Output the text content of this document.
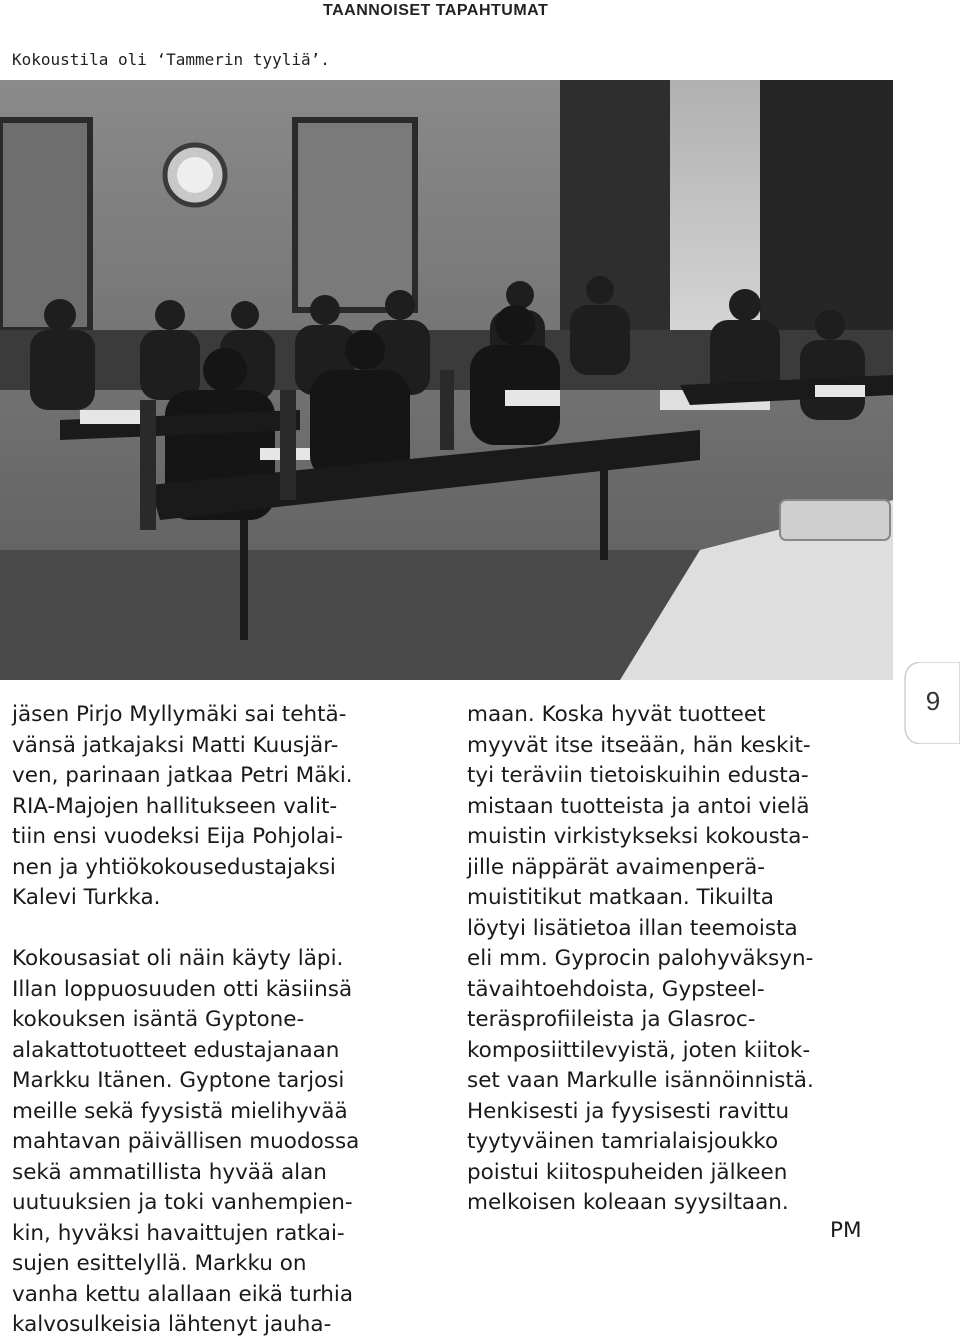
TAANNOISET TAPAHTUMAT
Kokoustila oli ‘Tammerin tyyliä’.
jäsen Pirjo Myllymäki sai tehtä-
vänsä jatkajaksi Matti Kuusjär-
ven, parinaan jatkaa Petri Mäki.
RIA-Majojen hallitukseen valit-
tiin ensi vuodeksi Eija Pohjolai-
nen ja yhtiökokousedustajaksi
Kalevi Turkka.

Kokousasiat oli näin käyty läpi.
Illan loppuosuuden otti käsiinsä
kokouksen isäntä Gyptone-
alakattotuotteet edustajanaan
Markku Itänen. Gyptone tarjosi
meille sekä fyysistä mielihyvää
mahtavan päivällisen muodossa
sekä ammatillista hyvää alan
uutuuksien ja toki vanhempien-
kin, hyväksi havaittujen ratkai-
sujen esittelyllä. Markku on
vanha kettu alallaan eikä turhia
kalvosulkeisia lähtenyt jauha-
maan. Koska hyvät tuotteet
myyvät itse itseään, hän keskit-
tyi teräviin tietoiskuihin edusta-
mistaan tuotteista ja antoi vielä
muistin virkistykseksi kokousta-
jille näppärät avaimenperä-
muistitikut matkaan. Tikuilta
löytyi lisätietoa illan teemoista
eli mm. Gyprocin palohyväksyn-
tävaihtoehdoista, Gypsteel-
teräsprofiileista ja Glasroc-
komposiittilevyistä, joten kiitok-
set vaan Markulle isännöinnistä.
Henkisesti ja fyysisesti ravittu
tyytyväinen tamrialaisjoukko
poistui kiitospuheiden jälkeen
melkoisen koleaan syysiltaan.
PM
9
